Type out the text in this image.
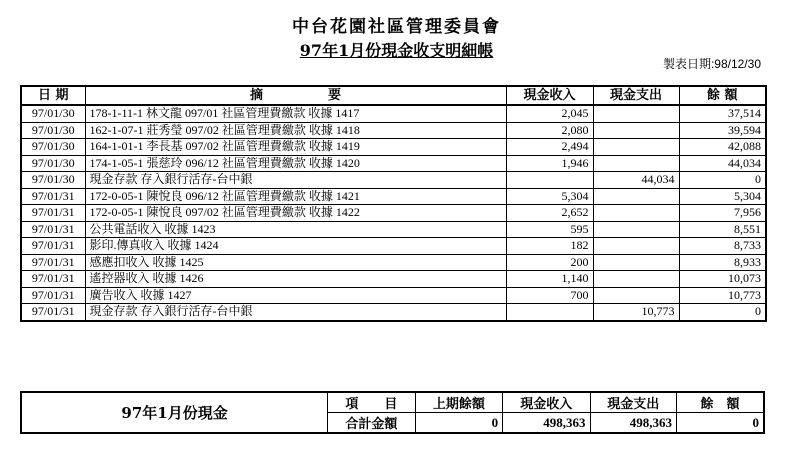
中台花園社區管理委員會
97年1月份現金收支明細帳
製表日期:98/12/30
日 期	摘　　　　　要	現金收入	現金支出	餘 額
97/01/30	178-1-11-1 林文龍 097/01 社區管理費繳款 收據 1417	2,045		37,514
97/01/30	162-1-07-1 莊秀瑩 097/02 社區管理費繳款 收據 1418	2,080		39,594
97/01/30	164-1-01-1 李長基 097/02 社區管理費繳款 收據 1419	2,494		42,088
97/01/30	174-1-05-1 張慈玲 096/12 社區管理費繳款 收據 1420	1,946		44,034
97/01/30	現金存款 存入銀行活存-台中銀		44,034	0
97/01/31	172-0-05-1 陳悅良 096/12 社區管理費繳款 收據 1421	5,304		5,304
97/01/31	172-0-05-1 陳悅良 097/02 社區管理費繳款 收據 1422	2,652		7,956
97/01/31	公共電話收入 收據 1423	595		8,551
97/01/31	影印.傳真收入 收據 1424	182		8,733
97/01/31	感應扣收入 收據 1425	200		8,933
97/01/31	遙控器收入 收據 1426	1,140		10,073
97/01/31	廣告收入 收據 1427	700		10,773
97/01/31	現金存款 存入銀行活存-台中銀		10,773	0
97年1月份現金	項　　目	上期餘額	現金收入	現金支出	餘　額
	合計金額	0	498,363	498,363	0
